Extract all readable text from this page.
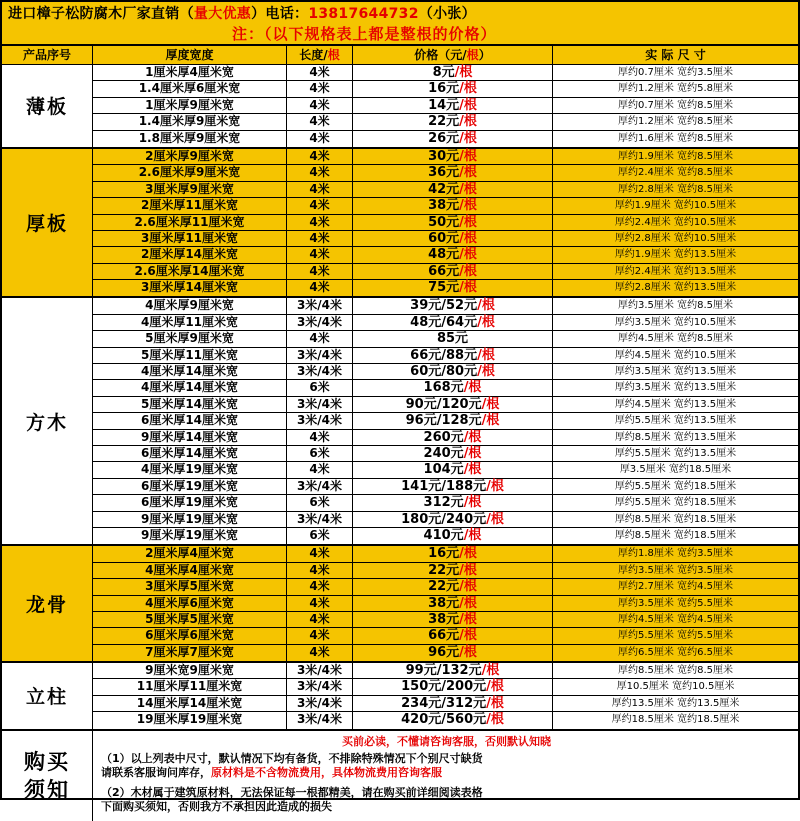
进口樟子松防腐木厂家直销（量大优惠）电话：13817644732（小张）
注：（以下规格表上都是整根的价格）
产品序号	厚度宽度	长度/根	价格（元/根）	实 际 尺 寸
薄板
1厘米厚4厘米宽	4米	8元/根	厚约0.7厘米 宽约3.5厘米
1.4厘米厚6厘米宽	4米	16元/根	厚约1.2厘米 宽约5.8厘米
1厘米厚9厘米宽	4米	14元/根	厚约0.7厘米 宽约8.5厘米
1.4厘米厚9厘米宽	4米	22元/根	厚约1.2厘米 宽约8.5厘米
1.8厘米厚9厘米宽	4米	26元/根	厚约1.6厘米 宽约8.5厘米
厚板
2厘米厚9厘米宽	4米	30元/根	厚约1.9厘米 宽约8.5厘米
2.6厘米厚9厘米宽	4米	36元/根	厚约2.4厘米 宽约8.5厘米
3厘米厚9厘米宽	4米	42元/根	厚约2.8厘米 宽约8.5厘米
2厘米厚11厘米宽	4米	38元/根	厚约1.9厘米 宽约10.5厘米
2.6厘米厚11厘米宽	4米	50元/根	厚约2.4厘米 宽约10.5厘米
3厘米厚11厘米宽	4米	60元/根	厚约2.8厘米 宽约10.5厘米
2厘米厚14厘米宽	4米	48元/根	厚约1.9厘米 宽约13.5厘米
2.6厘米厚14厘米宽	4米	66元/根	厚约2.4厘米 宽约13.5厘米
3厘米厚14厘米宽	4米	75元/根	厚约2.8厘米 宽约13.5厘米
方木
4厘米厚9厘米宽	3米/4米	39元/52元/根	厚约3.5厘米 宽约8.5厘米
4厘米厚11厘米宽	3米/4米	48元/64元/根	厚约3.5厘米 宽约10.5厘米
5厘米厚9厘米宽	4米	85元	厚约4.5厘米 宽约8.5厘米
5厘米厚11厘米宽	3米/4米	66元/88元/根	厚约4.5厘米 宽约10.5厘米
4厘米厚14厘米宽	3米/4米	60元/80元/根	厚约3.5厘米 宽约13.5厘米
4厘米厚14厘米宽	6米	168元/根	厚约3.5厘米 宽约13.5厘米
5厘米厚14厘米宽	3米/4米	90元/120元/根	厚约4.5厘米 宽约13.5厘米
6厘米厚14厘米宽	3米/4米	96元/128元/根	厚约5.5厘米 宽约13.5厘米
9厘米厚14厘米宽	4米	260元/根	厚约8.5厘米 宽约13.5厘米
6厘米厚14厘米宽	6米	240元/根	厚约5.5厘米 宽约13.5厘米
4厘米厚19厘米宽	4米	104元/根	厚3.5厘米 宽约18.5厘米
6厘米厚19厘米宽	3米/4米	141元/188元/根	厚约5.5厘米 宽约18.5厘米
6厘米厚19厘米宽	6米	312元/根	厚约5.5厘米 宽约18.5厘米
9厘米厚19厘米宽	3米/4米	180元/240元/根	厚约8.5厘米 宽约18.5厘米
9厘米厚19厘米宽	6米	410元/根	厚约8.5厘米 宽约18.5厘米
龙骨
2厘米厚4厘米宽	4米	16元/根	厚约1.8厘米 宽约3.5厘米
4厘米厚4厘米宽	4米	22元/根	厚约3.5厘米 宽约3.5厘米
3厘米厚5厘米宽	4米	22元/根	厚约2.7厘米 宽约4.5厘米
4厘米厚6厘米宽	4米	38元/根	厚约3.5厘米 宽约5.5厘米
5厘米厚5厘米宽	4米	38元/根	厚约4.5厘米 宽约4.5厘米
6厘米厚6厘米宽	4米	66元/根	厚约5.5厘米 宽约5.5厘米
7厘米厚7厘米宽	4米	96元/根	厚约6.5厘米 宽约6.5厘米
立柱
9厘米宽9厘米宽	3米/4米	99元/132元/根	厚约8.5厘米 宽约8.5厘米
11厘米厚11厘米宽	3米/4米	150元/200元/根	厚10.5厘米 宽约10.5厘米
14厘米厚14厘米宽	3米/4米	234元/312元/根	厚约13.5厘米 宽约13.5厘米
19厘米厚19厘米宽	3米/4米	420元/560元/根	厚约18.5厘米 宽约18.5厘米
购买
须知
买前必读，不懂请咨询客服，否则默认知晓
（1）以上列表中尺寸，默认情况下均有备货，不排除特殊情况下个别尺寸缺货
请联系客服询问库存，原材料是不含物流费用，具体物流费用咨询客服
（2）木材属于建筑原材料，无法保证每一根都精美，请在购买前详细阅读表格
下面购买须知，否则我方不承担因此造成的损失
